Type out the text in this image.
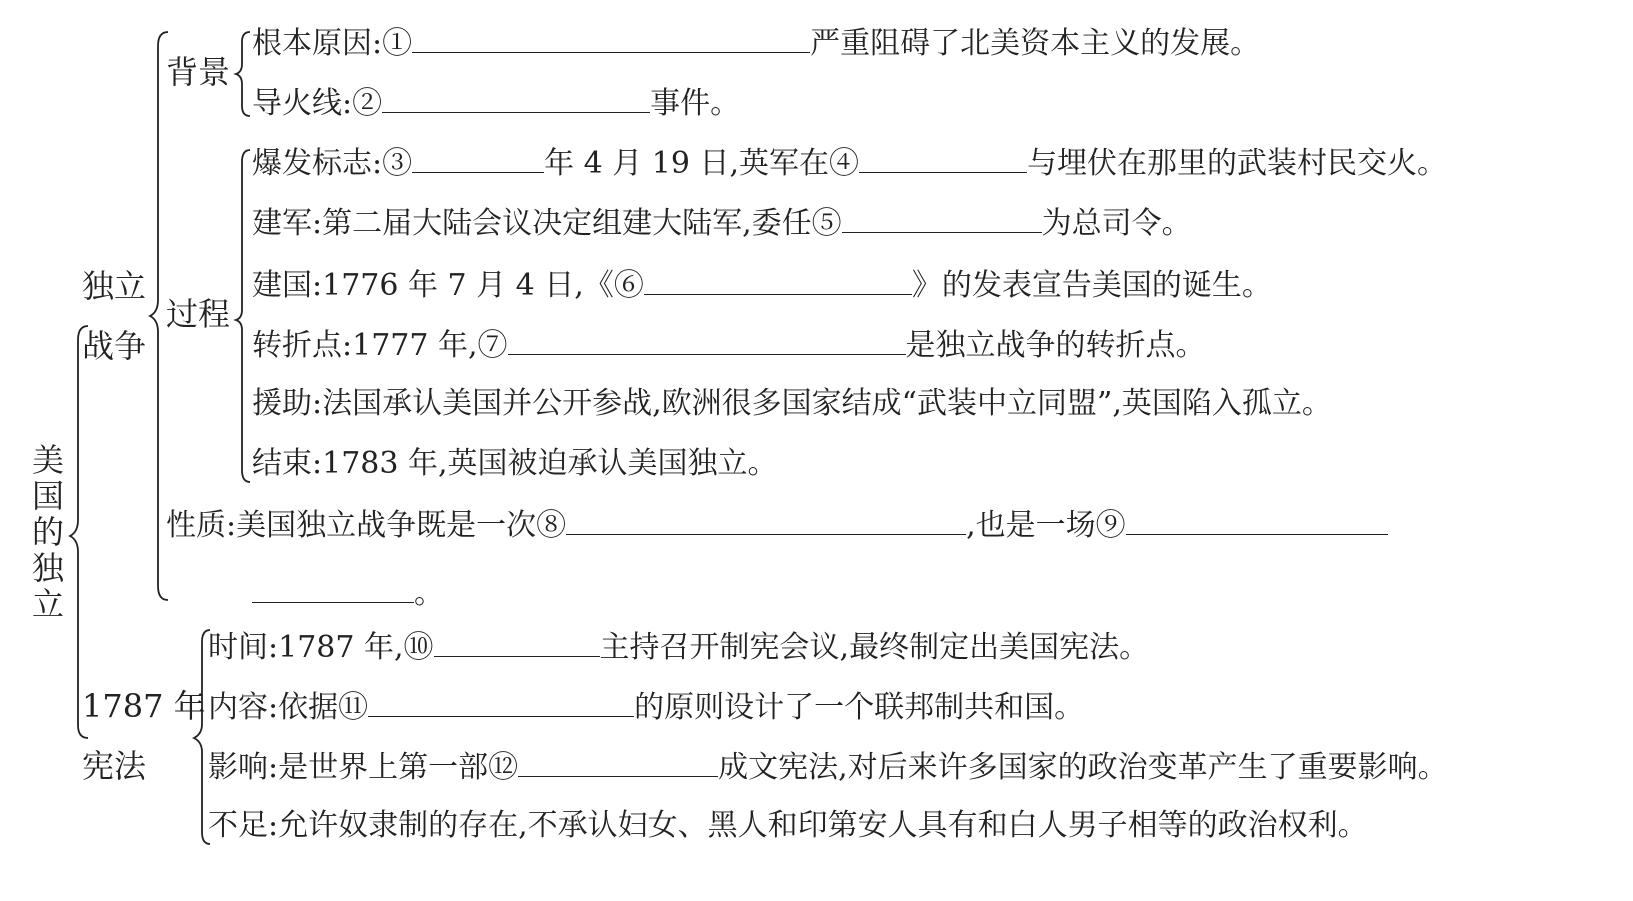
美国的独立
独立
战争
背景
根本原因:①	严重阻碍了北美资本主义的发展。
导火线:②	事件。
过程
爆发标志:③	年 4 月 19 日,英军在④	与埋伏在那里的武装村民交火。
建军:第二届大陆会议决定组建大陆军,委任⑤	为总司令。
建国:1776 年 7 月 4 日,《⑥	》的发表宣告美国的诞生。
转折点:1777 年,⑦	是独立战争的转折点。
援助:法国承认美国并公开参战,欧洲很多国家结成“武装中立同盟”,英国陷入孤立。
结束:1783 年,英国被迫承认美国独立。
性质:美国独立战争既是一次⑧	,也是一场⑨
。
1787 年
宪法
时间:1787 年,⑩	主持召开制宪会议,最终制定出美国宪法。
内容:依据⑪	的原则设计了一个联邦制共和国。
影响:是世界上第一部⑫	成文宪法,对后来许多国家的政治变革产生了重要影响。
不足:允许奴隶制的存在,不承认妇女、黑人和印第安人具有和白人男子相等的政治权利。
